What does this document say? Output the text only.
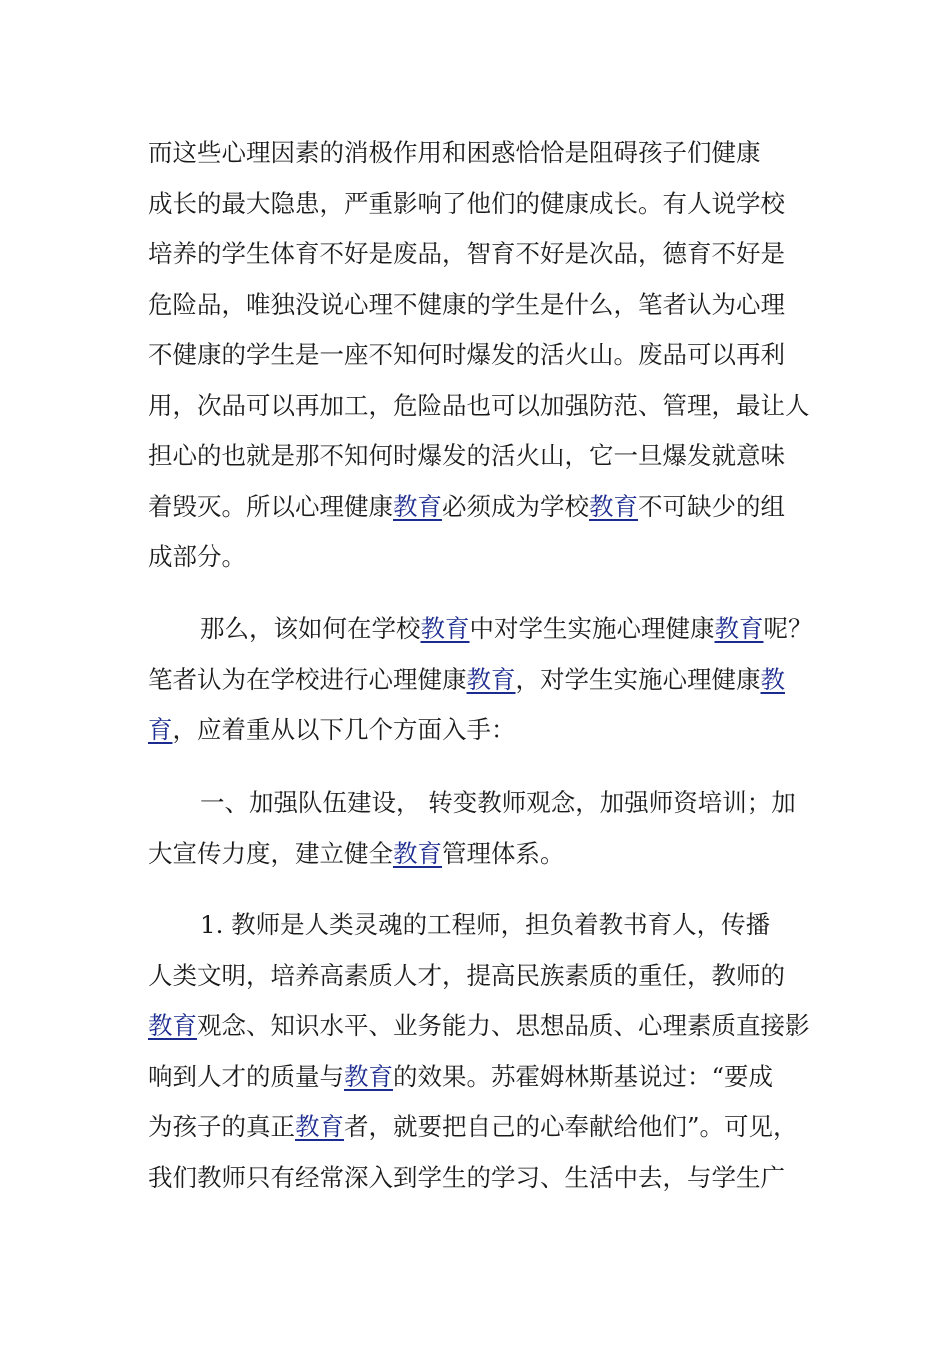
而这些心理因素的消极作用和困惑恰恰是阻碍孩子们健康
成长的最大隐患，严重影响了他们的健康成长。有人说学校
培养的学生体育不好是废品，智育不好是次品，德育不好是
危险品，唯独没说心理不健康的学生是什么，笔者认为心理
不健康的学生是一座不知何时爆发的活火山。废品可以再利
用，次品可以再加工，危险品也可以加强防范、管理，最让人
担心的也就是那不知何时爆发的活火山，它一旦爆发就意味
着毁灭。所以心理健康教育必须成为学校教育不可缺少的组
成部分。
那么，该如何在学校教育中对学生实施心理健康教育呢？
笔者认为在学校进行心理健康教育，对学生实施心理健康教
育，应着重从以下几个方面入手：
一、加强队伍建设， 转变教师观念，加强师资培训；加
大宣传力度，建立健全教育管理体系。
1. 教师是人类灵魂的工程师，担负着教书育人，传播
人类文明，培养高素质人才，提高民族素质的重任，教师的
教育观念、知识水平、业务能力、思想品质、心理素质直接影
响到人才的质量与教育的效果。苏霍姆林斯基说过：“要成
为孩子的真正教育者，就要把自己的心奉献给他们”。可见，
我们教师只有经常深入到学生的学习、生活中去，与学生广
